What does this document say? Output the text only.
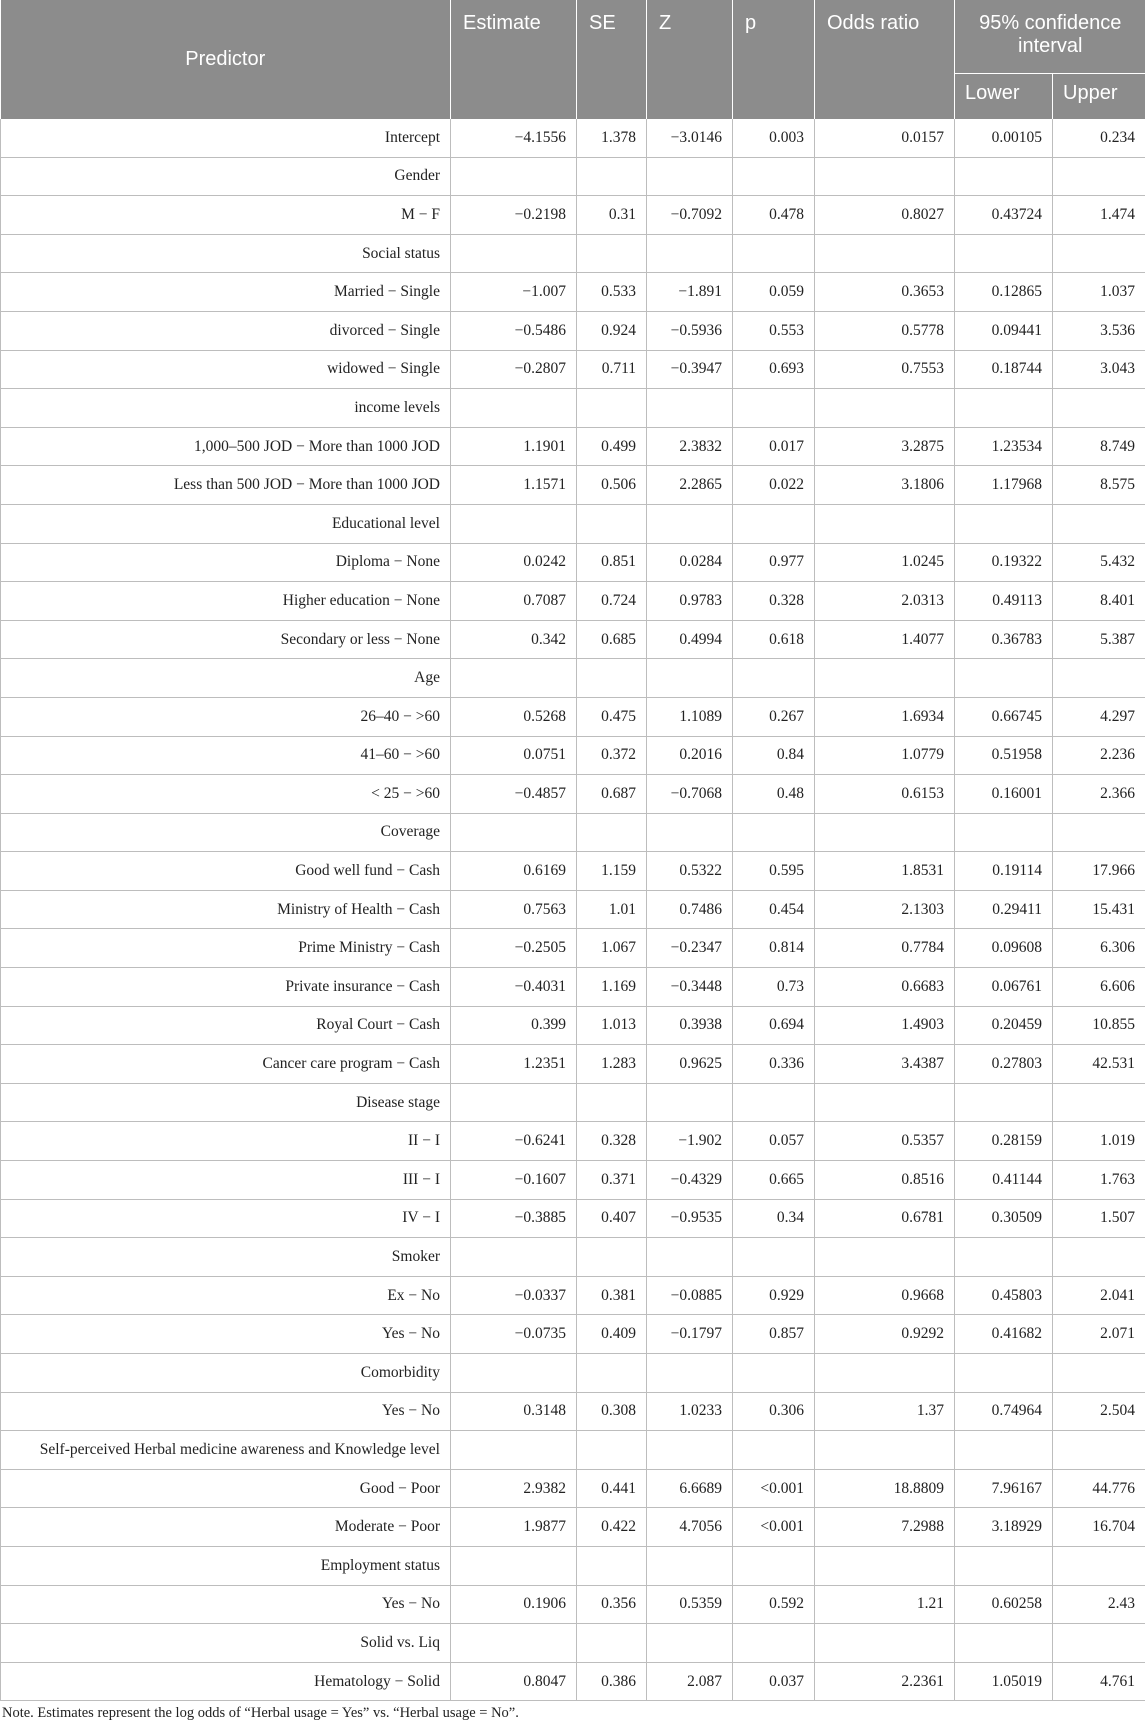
Predictor	Estimate	SE	Z	p	Odds ratio	95% confidence interval	
						Lower	Upper
Intercept	−4.1556	1.378	−3.0146	0.003	0.0157	0.00105	0.234
Gender							
M − F	−0.2198	0.31	−0.7092	0.478	0.8027	0.43724	1.474
Social status							
Married − Single	−1.007	0.533	−1.891	0.059	0.3653	0.12865	1.037
divorced − Single	−0.5486	0.924	−0.5936	0.553	0.5778	0.09441	3.536
widowed − Single	−0.2807	0.711	−0.3947	0.693	0.7553	0.18744	3.043
income levels							
1,000–500 JOD − More than 1000 JOD	1.1901	0.499	2.3832	0.017	3.2875	1.23534	8.749
Less than 500 JOD − More than 1000 JOD	1.1571	0.506	2.2865	0.022	3.1806	1.17968	8.575
Educational level							
Diploma − None	0.0242	0.851	0.0284	0.977	1.0245	0.19322	5.432
Higher education − None	0.7087	0.724	0.9783	0.328	2.0313	0.49113	8.401
Secondary or less − None	0.342	0.685	0.4994	0.618	1.4077	0.36783	5.387
Age							
26–40 − >60	0.5268	0.475	1.1089	0.267	1.6934	0.66745	4.297
41–60 − >60	0.0751	0.372	0.2016	0.84	1.0779	0.51958	2.236
< 25 − >60	−0.4857	0.687	−0.7068	0.48	0.6153	0.16001	2.366
Coverage							
Good well fund − Cash	0.6169	1.159	0.5322	0.595	1.8531	0.19114	17.966
Ministry of Health − Cash	0.7563	1.01	0.7486	0.454	2.1303	0.29411	15.431
Prime Ministry − Cash	−0.2505	1.067	−0.2347	0.814	0.7784	0.09608	6.306
Private insurance − Cash	−0.4031	1.169	−0.3448	0.73	0.6683	0.06761	6.606
Royal Court − Cash	0.399	1.013	0.3938	0.694	1.4903	0.20459	10.855
Cancer care program − Cash	1.2351	1.283	0.9625	0.336	3.4387	0.27803	42.531
Disease stage							
II − I	−0.6241	0.328	−1.902	0.057	0.5357	0.28159	1.019
III − I	−0.1607	0.371	−0.4329	0.665	0.8516	0.41144	1.763
IV − I	−0.3885	0.407	−0.9535	0.34	0.6781	0.30509	1.507
Smoker							
Ex − No	−0.0337	0.381	−0.0885	0.929	0.9668	0.45803	2.041
Yes − No	−0.0735	0.409	−0.1797	0.857	0.9292	0.41682	2.071
Comorbidity							
Yes − No	0.3148	0.308	1.0233	0.306	1.37	0.74964	2.504
Self-perceived Herbal medicine awareness and Knowledge level							
Good − Poor	2.9382	0.441	6.6689	<0.001	18.8809	7.96167	44.776
Moderate − Poor	1.9877	0.422	4.7056	<0.001	7.2988	3.18929	16.704
Employment status							
Yes − No	0.1906	0.356	0.5359	0.592	1.21	0.60258	2.43
Solid vs. Liq							
Hematology − Solid	0.8047	0.386	2.087	0.037	2.2361	1.05019	4.761
Note. Estimates represent the log odds of “Herbal usage = Yes” vs. “Herbal usage = No”.
